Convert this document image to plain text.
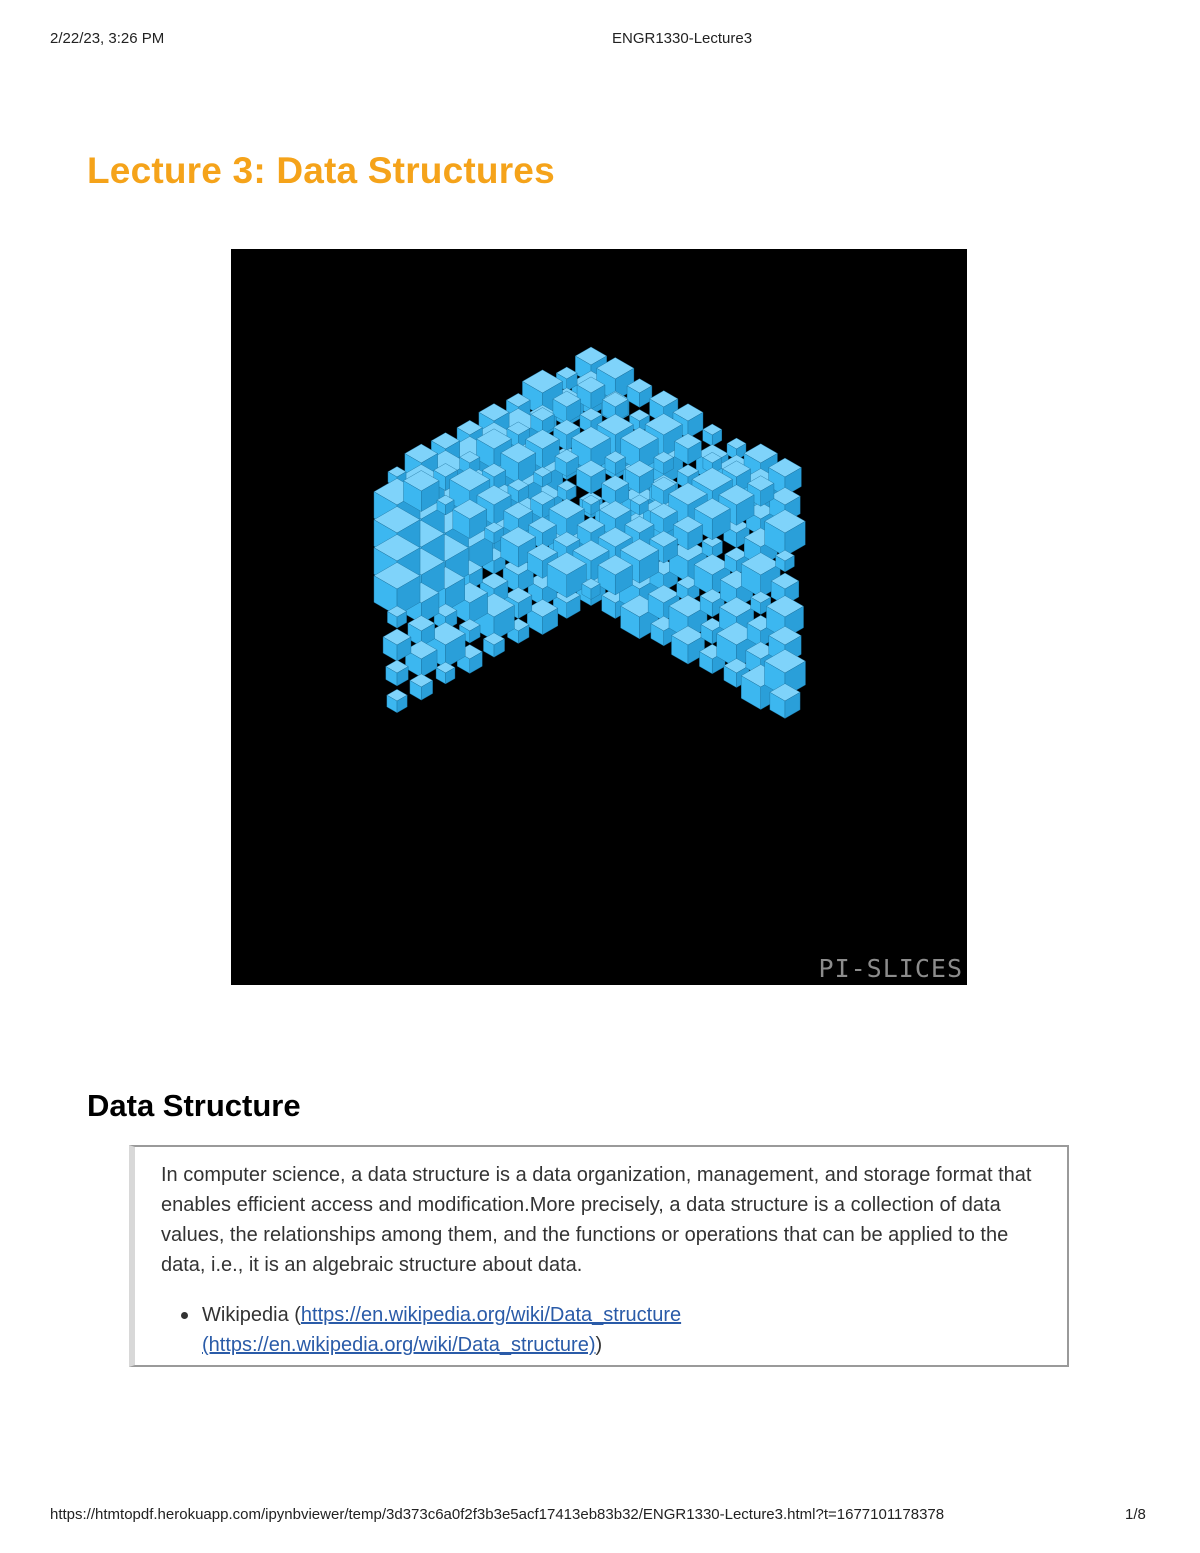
2/22/23, 3:26 PM	ENGR1330-Lecture3
Lecture 3: Data Structures
PI-SLICES
Data Structure

In computer science, a data structure is a data organization, management, and storage format that enables efficient access and modification.More precisely, a data structure is a collection of data values, the relationships among them, and the functions or operations that can be applied to the data, i.e., it is an algebraic structure about data.

Wikipedia (https://en.wikipedia.org/wiki/Data_structure
(https://en.wikipedia.org/wiki/Data_structure))
https://htmtopdf.herokuapp.com/ipynbviewer/temp/3d373c6a0f2f3b3e5acf17413eb83b32/ENGR1330-Lecture3.html?t=1677101178378	1/8
